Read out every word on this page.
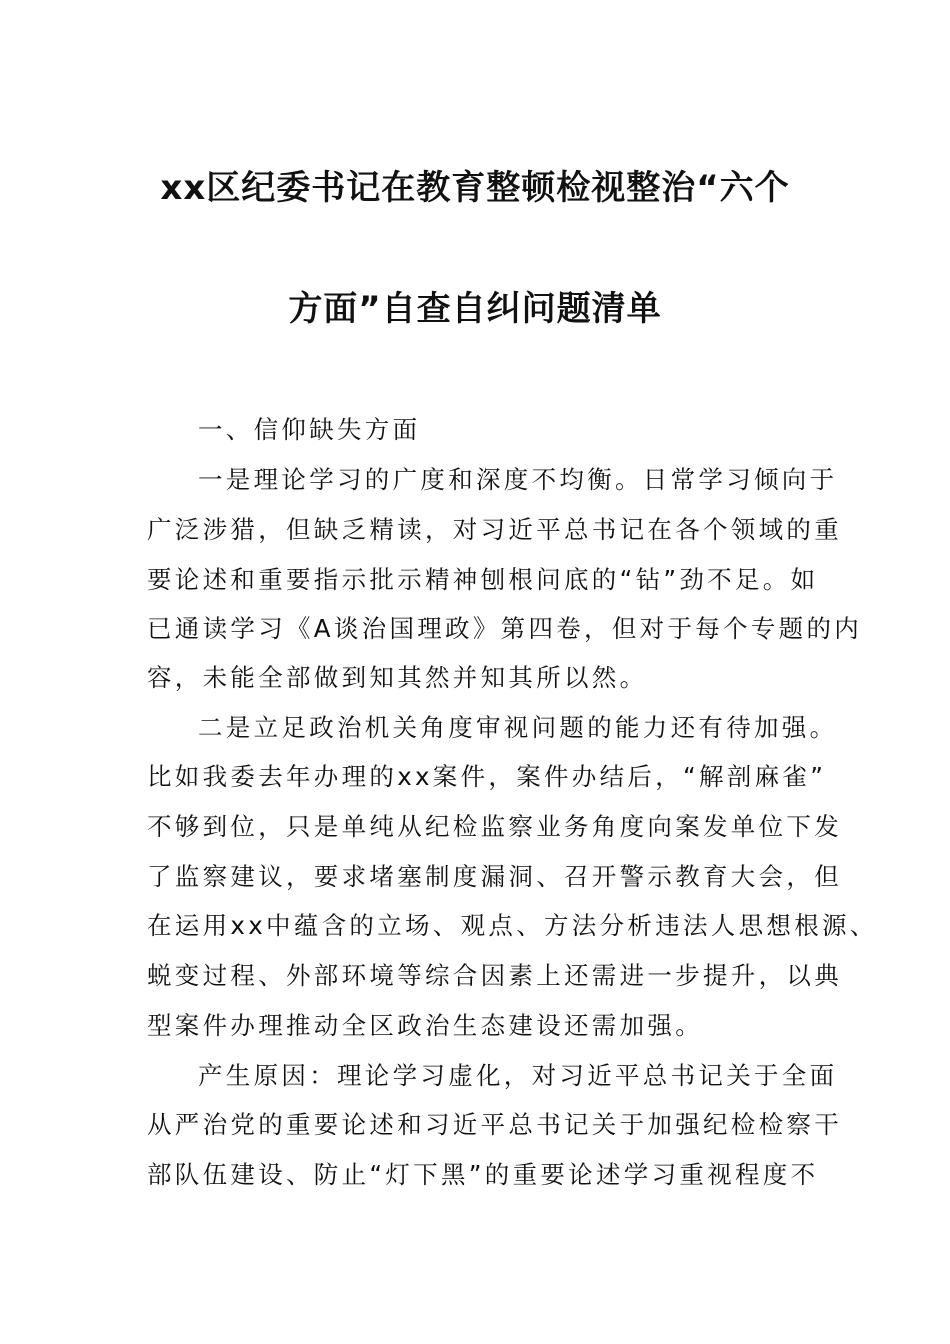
xx区纪委书记在教育整顿检视整治“六个
方面”自查自纠问题清单
一、信仰缺失方面
一是理论学习的广度和深度不均衡。日常学习倾向于
广泛涉猎，但缺乏精读，对习近平总书记在各个领域的重
要论述和重要指示批示精神刨根问底的“钻”劲不足。如
已通读学习《A谈治国理政》第四卷，但对于每个专题的内
容，未能全部做到知其然并知其所以然。
二是立足政治机关角度审视问题的能力还有待加强。
比如我委去年办理的xx案件，案件办结后，“解剖麻雀”
不够到位，只是单纯从纪检监察业务角度向案发单位下发
了监察建议，要求堵塞制度漏洞、召开警示教育大会，但
在运用xx中蕴含的立场、观点、方法分析违法人思想根源、
蜕变过程、外部环境等综合因素上还需进一步提升，以典
型案件办理推动全区政治生态建设还需加强。
产生原因：理论学习虚化，对习近平总书记关于全面
从严治党的重要论述和习近平总书记关于加强纪检检察干
部队伍建设、防止“灯下黑”的重要论述学习重视程度不
